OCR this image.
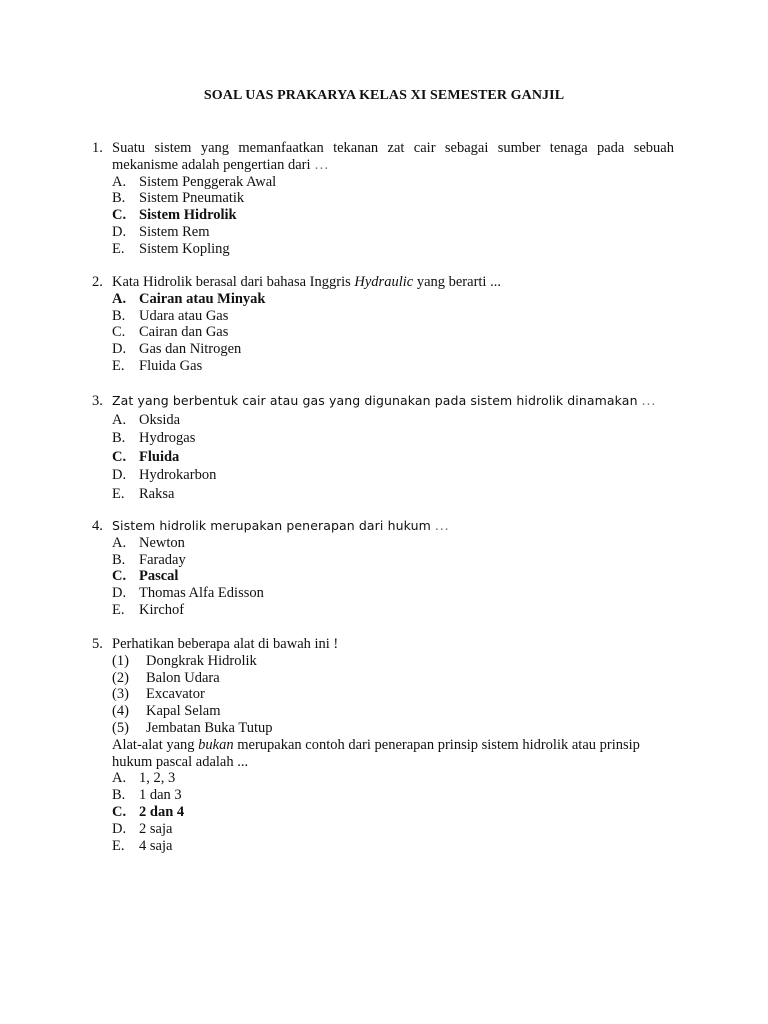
SOAL UAS PRAKARYA KELAS XI SEMESTER GANJIL
1. Suatu sistem yang memanfaatkan tekanan zat cair sebagai sumber tenaga pada sebuah mekanisme adalah pengertian dari …
A. Sistem Penggerak Awal
B. Sistem Pneumatik
C. Sistem Hidrolik
D. Sistem Rem
E.	Sistem Kopling
2. Kata Hidrolik berasal dari bahasa Inggris Hydraulic yang berarti ...
A. Cairan atau Minyak
B. Udara atau Gas
C. Cairan dan Gas
D. Gas dan Nitrogen
E.	Fluida Gas
3. Zat yang berbentuk cair atau gas yang digunakan pada sistem hidrolik dinamakan …
A. Oksida
B. Hydrogas
C. Fluida
D. Hydrokarbon
E.	Raksa
4. Sistem hidrolik merupakan penerapan dari hukum …
A. Newton
B. Faraday
C. Pascal
D. Thomas Alfa Edisson
E.	Kirchof
5. Perhatikan beberapa alat di bawah ini !
(1)	Dongkrak Hidrolik
(2)	Balon Udara
(3)	Excavator
(4)	Kapal Selam
(5)	Jembatan Buka Tutup
Alat-alat yang bukan merupakan contoh dari penerapan prinsip sistem hidrolik atau prinsip hukum pascal adalah ...
A. 1, 2, 3
B. 1 dan 3
C. 2 dan 4
D. 2 saja
E.	4 saja
